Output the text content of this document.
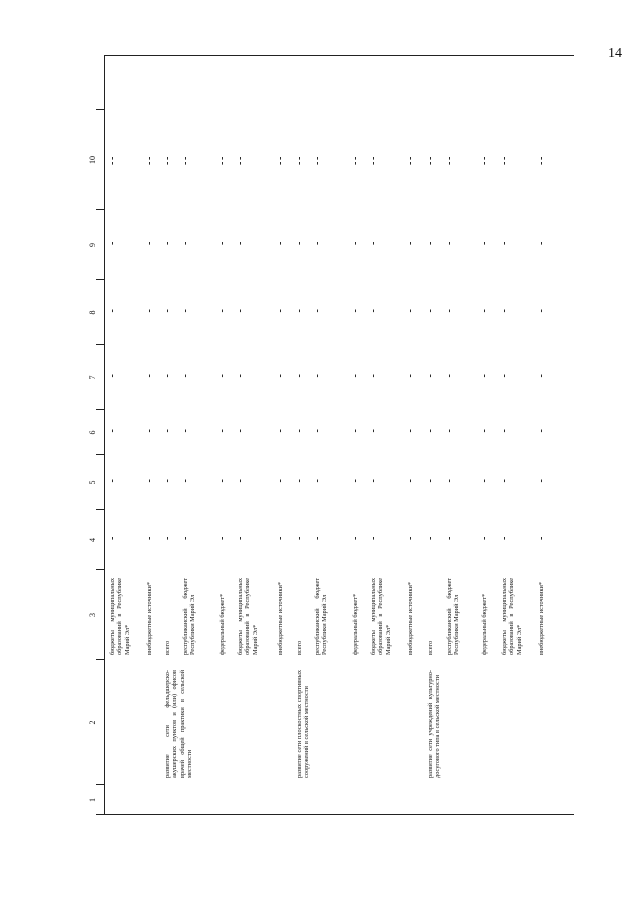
14
1
2
3
4
5
6
7
8
9
10
бюджеты муниципальных образований в Республике Марий Эл*
-
-
-
-
-
-
-
-
внебюджетные источники*
-
-
-
-
-
-
-
-
развитие сети фельдшерско-акушерских пунктов и (или) офисов врачей общей практики в сельской местности
всего
-
-
-
-
-
-
-
-
республиканский бюджет Республики Марий Эл
-
-
-
-
-
-
-
-
федеральный бюджет*
-
-
-
-
-
-
-
-
бюджеты муниципальных образований в Республике Марий Эл*
-
-
-
-
-
-
-
-
внебюджетные источники*
-
-
-
-
-
-
-
-
развитие сети плоскостных спортивных сооружений в сельской местности
всего
-
-
-
-
-
-
-
-
республиканский бюджет Республики Марий Эл
-
-
-
-
-
-
-
-
федеральный бюджет*
-
-
-
-
-
-
-
-
бюджеты муниципальных образований в Республике Марий Эл*
-
-
-
-
-
-
-
-
внебюджетные источники*
-
-
-
-
-
-
-
-
развитие сети учреждений культурно-досугового типа в сельской местности
всего
-
-
-
-
-
-
-
-
республиканский бюджет Республики Марий Эл
-
-
-
-
-
-
-
-
федеральный бюджет*
-
-
-
-
-
-
-
-
бюджеты муниципальных образований в Республике Марий Эл*
-
-
-
-
-
-
-
-
внебюджетные источники*
-
-
-
-
-
-
-
-
